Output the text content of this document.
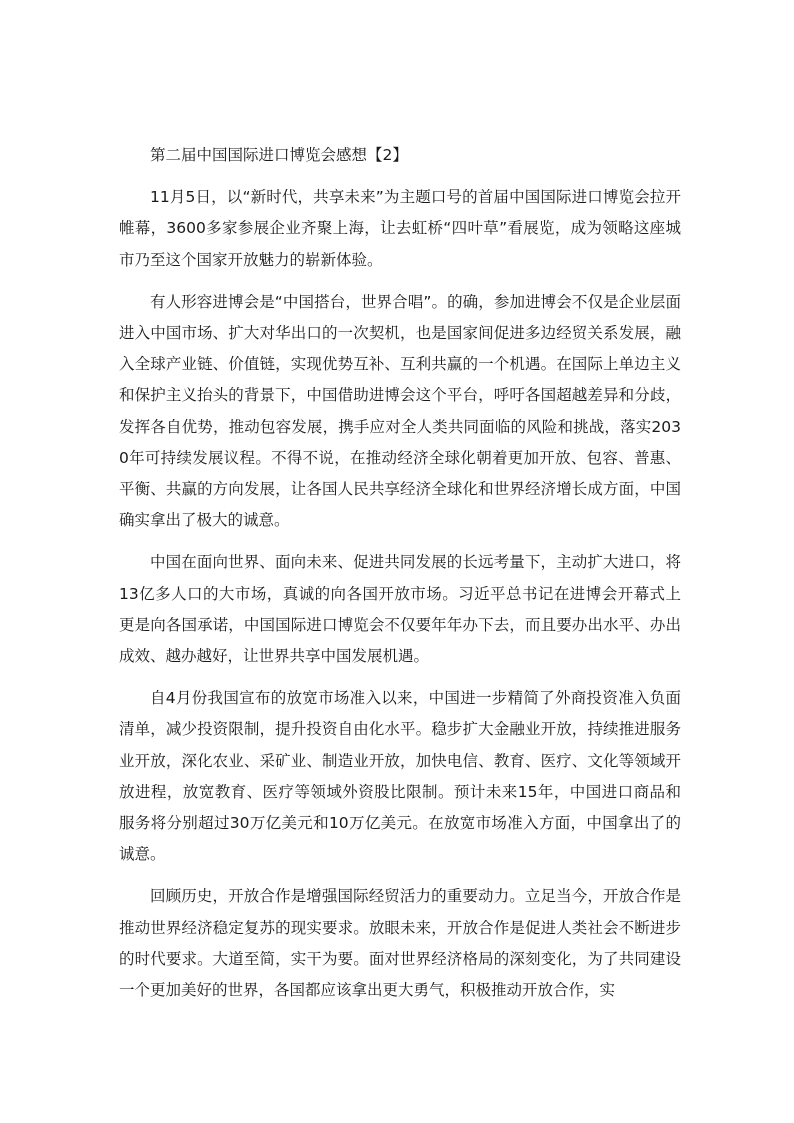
第二届中国国际进口博览会感想【2】

11月5日，以“新时代，共享未来”为主题口号的首届中国国际进口博览会拉开帷幕，3600多家参展企业齐聚上海，让去虹桥“四叶草”看展览，成为领略这座城市乃至这个国家开放魅力的崭新体验。

有人形容进博会是“中国搭台，世界合唱”。的确，参加进博会不仅是企业层面进入中国市场、扩大对华出口的一次契机，也是国家间促进多边经贸关系发展，融入全球产业链、价值链，实现优势互补、互利共赢的一个机遇。在国际上单边主义和保护主义抬头的背景下，中国借助进博会这个平台，呼吁各国超越差异和分歧，发挥各自优势，推动包容发展，携手应对全人类共同面临的风险和挑战，落实2030年可持续发展议程。不得不说，在推动经济全球化朝着更加开放、包容、普惠、平衡、共赢的方向发展，让各国人民共享经济全球化和世界经济增长成方面，中国确实拿出了极大的诚意。

中国在面向世界、面向未来、促进共同发展的长远考量下，主动扩大进口，将13亿多人口的大市场，真诚的向各国开放市场。习近平总书记在进博会开幕式上更是向各国承诺，中国国际进口博览会不仅要年年办下去，而且要办出水平、办出成效、越办越好，让世界共享中国发展机遇。

自4月份我国宣布的放宽市场准入以来，中国进一步精简了外商投资准入负面清单，减少投资限制，提升投资自由化水平。稳步扩大金融业开放，持续推进服务业开放，深化农业、采矿业、制造业开放，加快电信、教育、医疗、文化等领域开放进程，放宽教育、医疗等领域外资股比限制。预计未来15年，中国进口商品和服务将分别超过30万亿美元和10万亿美元。在放宽市场准入方面，中国拿出了的诚意。

回顾历史，开放合作是增强国际经贸活力的重要动力。立足当今，开放合作是推动世界经济稳定复苏的现实要求。放眼未来，开放合作是促进人类社会不断进步的时代要求。大道至简，实干为要。面对世界经济格局的深刻变化，为了共同建设一个更加美好的世界，各国都应该拿出更大勇气，积极推动开放合作，实
